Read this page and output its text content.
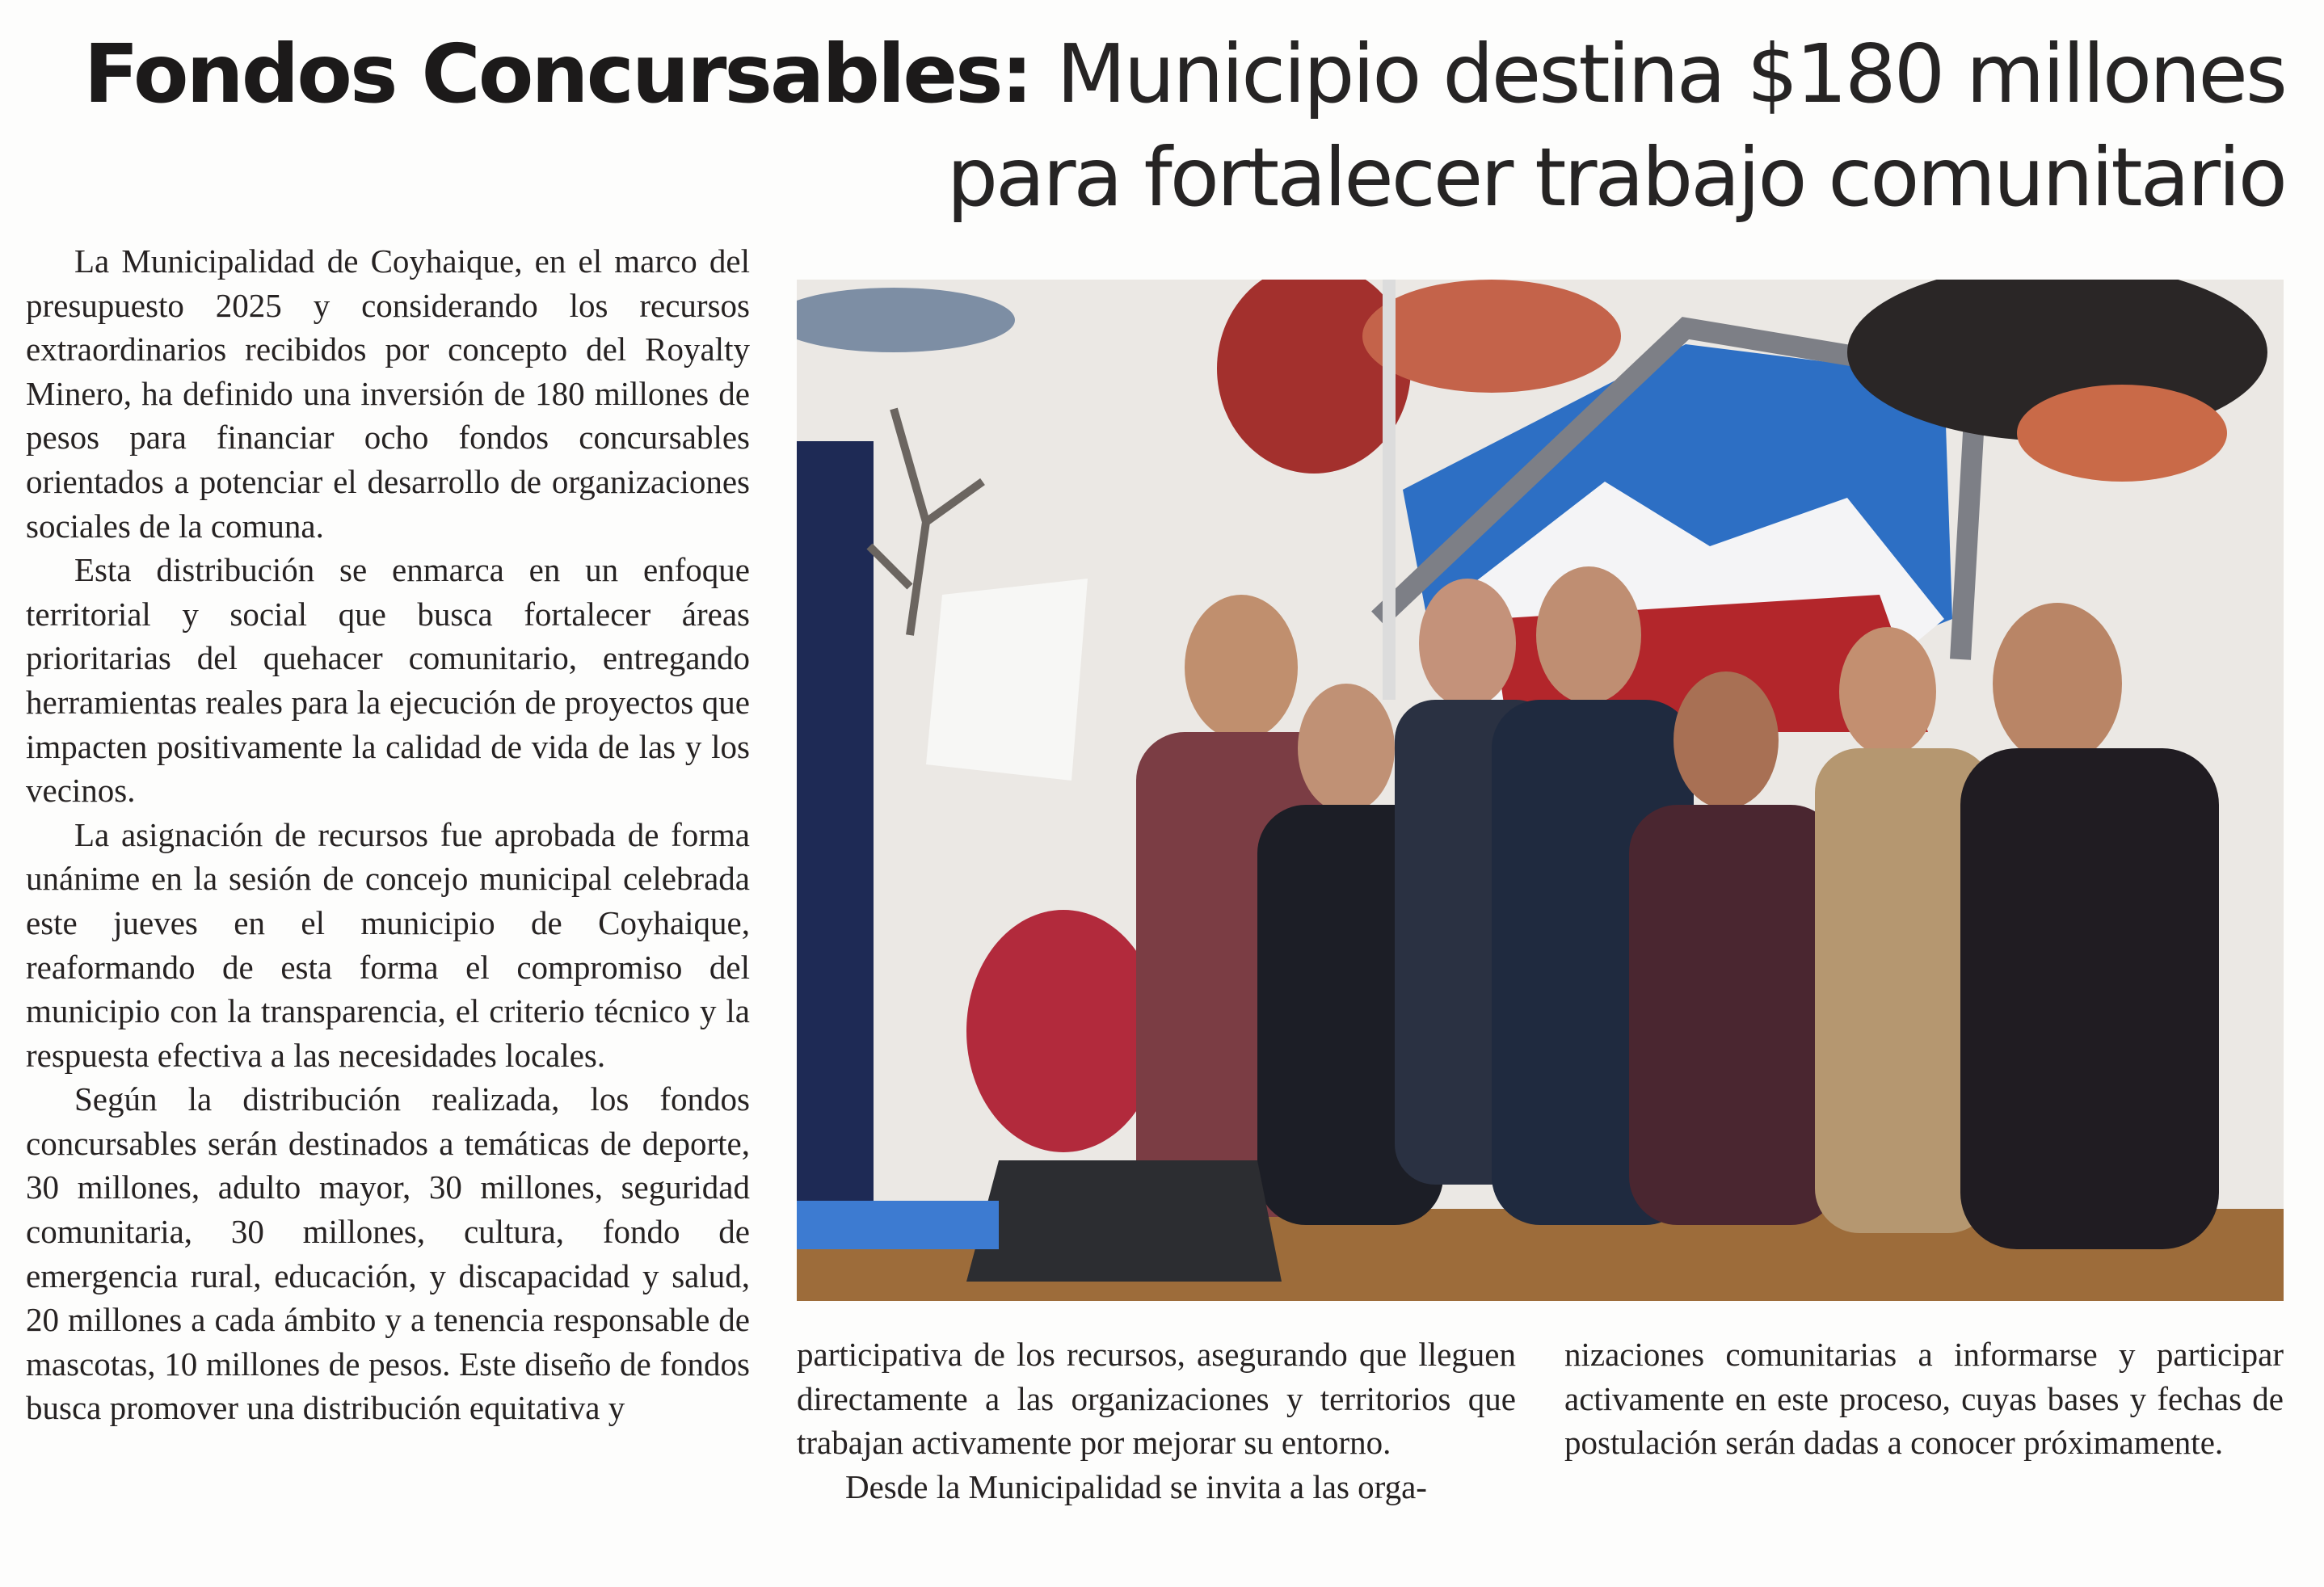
Fondos Concursables: Municipio destina $180 millones para fortalecer trabajo comunitario

La Municipalidad de Coyhaique, en el marco del presupuesto 2025 y considerando los recursos extraordinarios recibidos por concepto del Royalty Minero, ha definido una inversión de 180 millones de pesos para financiar ocho fondos concursables orientados a potenciar el desarrollo de organizaciones sociales de la comuna.

Esta distribución se enmarca en un enfoque territorial y social que busca fortalecer áreas prioritarias del quehacer comunitario, entregando herramientas reales para la ejecución de proyectos que impacten positivamente la calidad de vida de las y los vecinos.

La asignación de recursos fue aprobada de forma unánime en la sesión de concejo municipal celebrada este jueves en el municipio de Coyhaique, reaformando de esta forma el compromiso del municipio con la transparencia, el criterio técnico y la respuesta efectiva a las necesidades locales.

Según la distribución realizada, los fondos concursables serán destinados a temáticas de deporte, 30 millones, adulto mayor, 30 millones, seguridad comunitaria, 30 millones, cultura, fondo de emergencia rural, educación, y discapacidad y salud, 20 millones a cada ámbito y a tenencia responsable de mascotas, 10 millones de pesos. Este diseño de fondos busca promover una distribución equitativa y

participativa de los recursos, asegurando que lleguen directamente a las organizaciones y territorios que trabajan activamente por mejorar su entorno.

Desde la Municipalidad se invita a las orga-

nizaciones comunitarias a informarse y participar activamente en este proceso, cuyas bases y fechas de postulación serán dadas a conocer próximamente.
